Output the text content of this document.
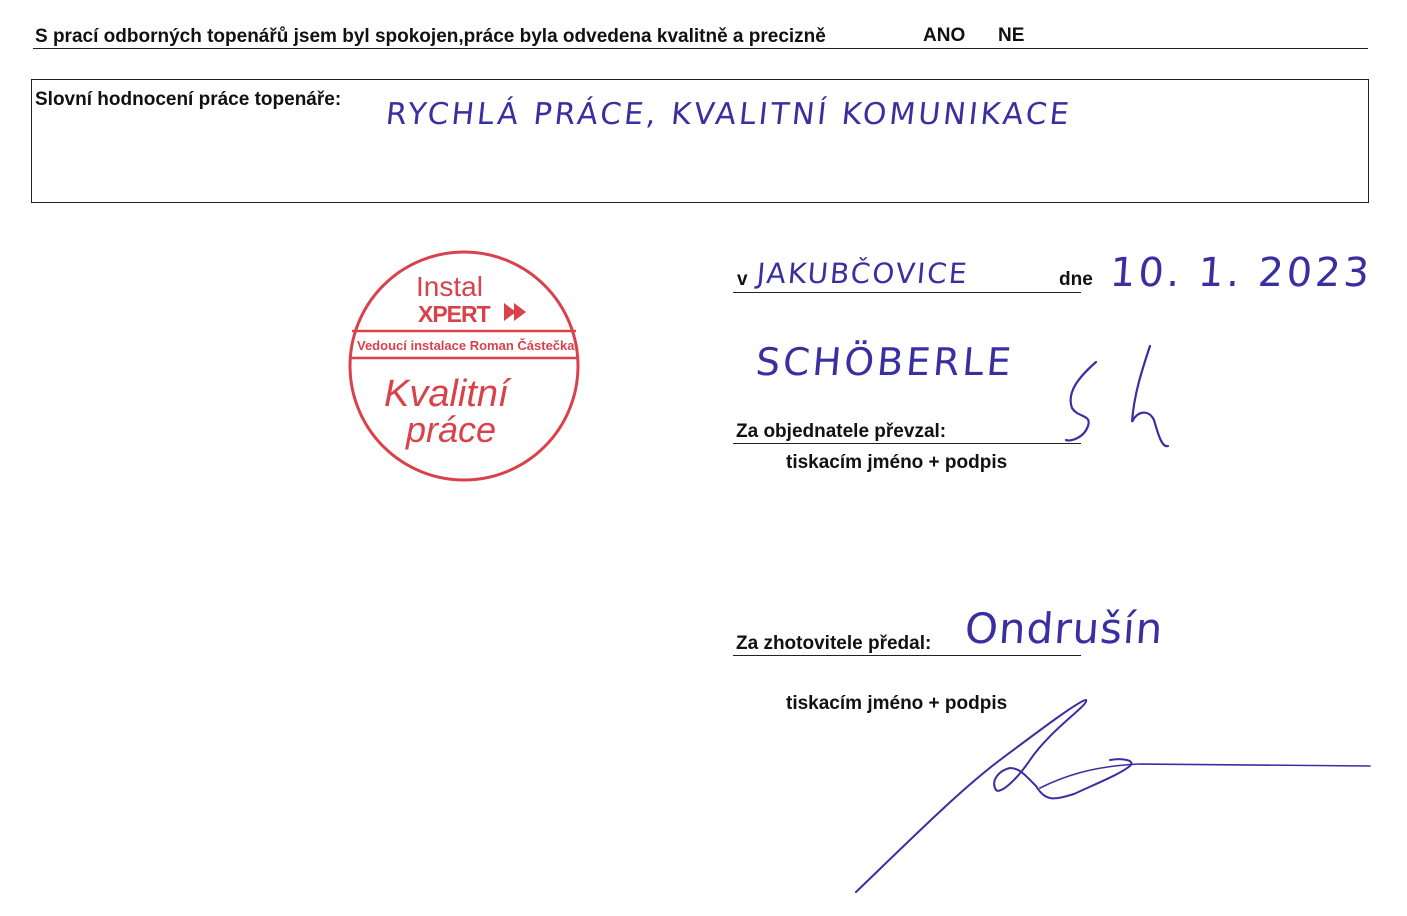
S prací odborných topenářů jsem byl spokojen,práce byla odvedena kvalitně a precizně	ANO NE
Slovní hodnocení práce topenáře: RYCHLÁ PRÁCE, KVALITNÍ KOMUNIKACE
Instal
XPERT
Vedoucí instalace Roman Částečka
Kvalitní
práce
v JAKUBČOVICE	dne 10. 1. 2023
SCHÖBERLE
Za objednatele převzal:
tiskacím jméno + podpis
Za zhotovitele předal: Ondrušín
tiskacím jméno + podpis
